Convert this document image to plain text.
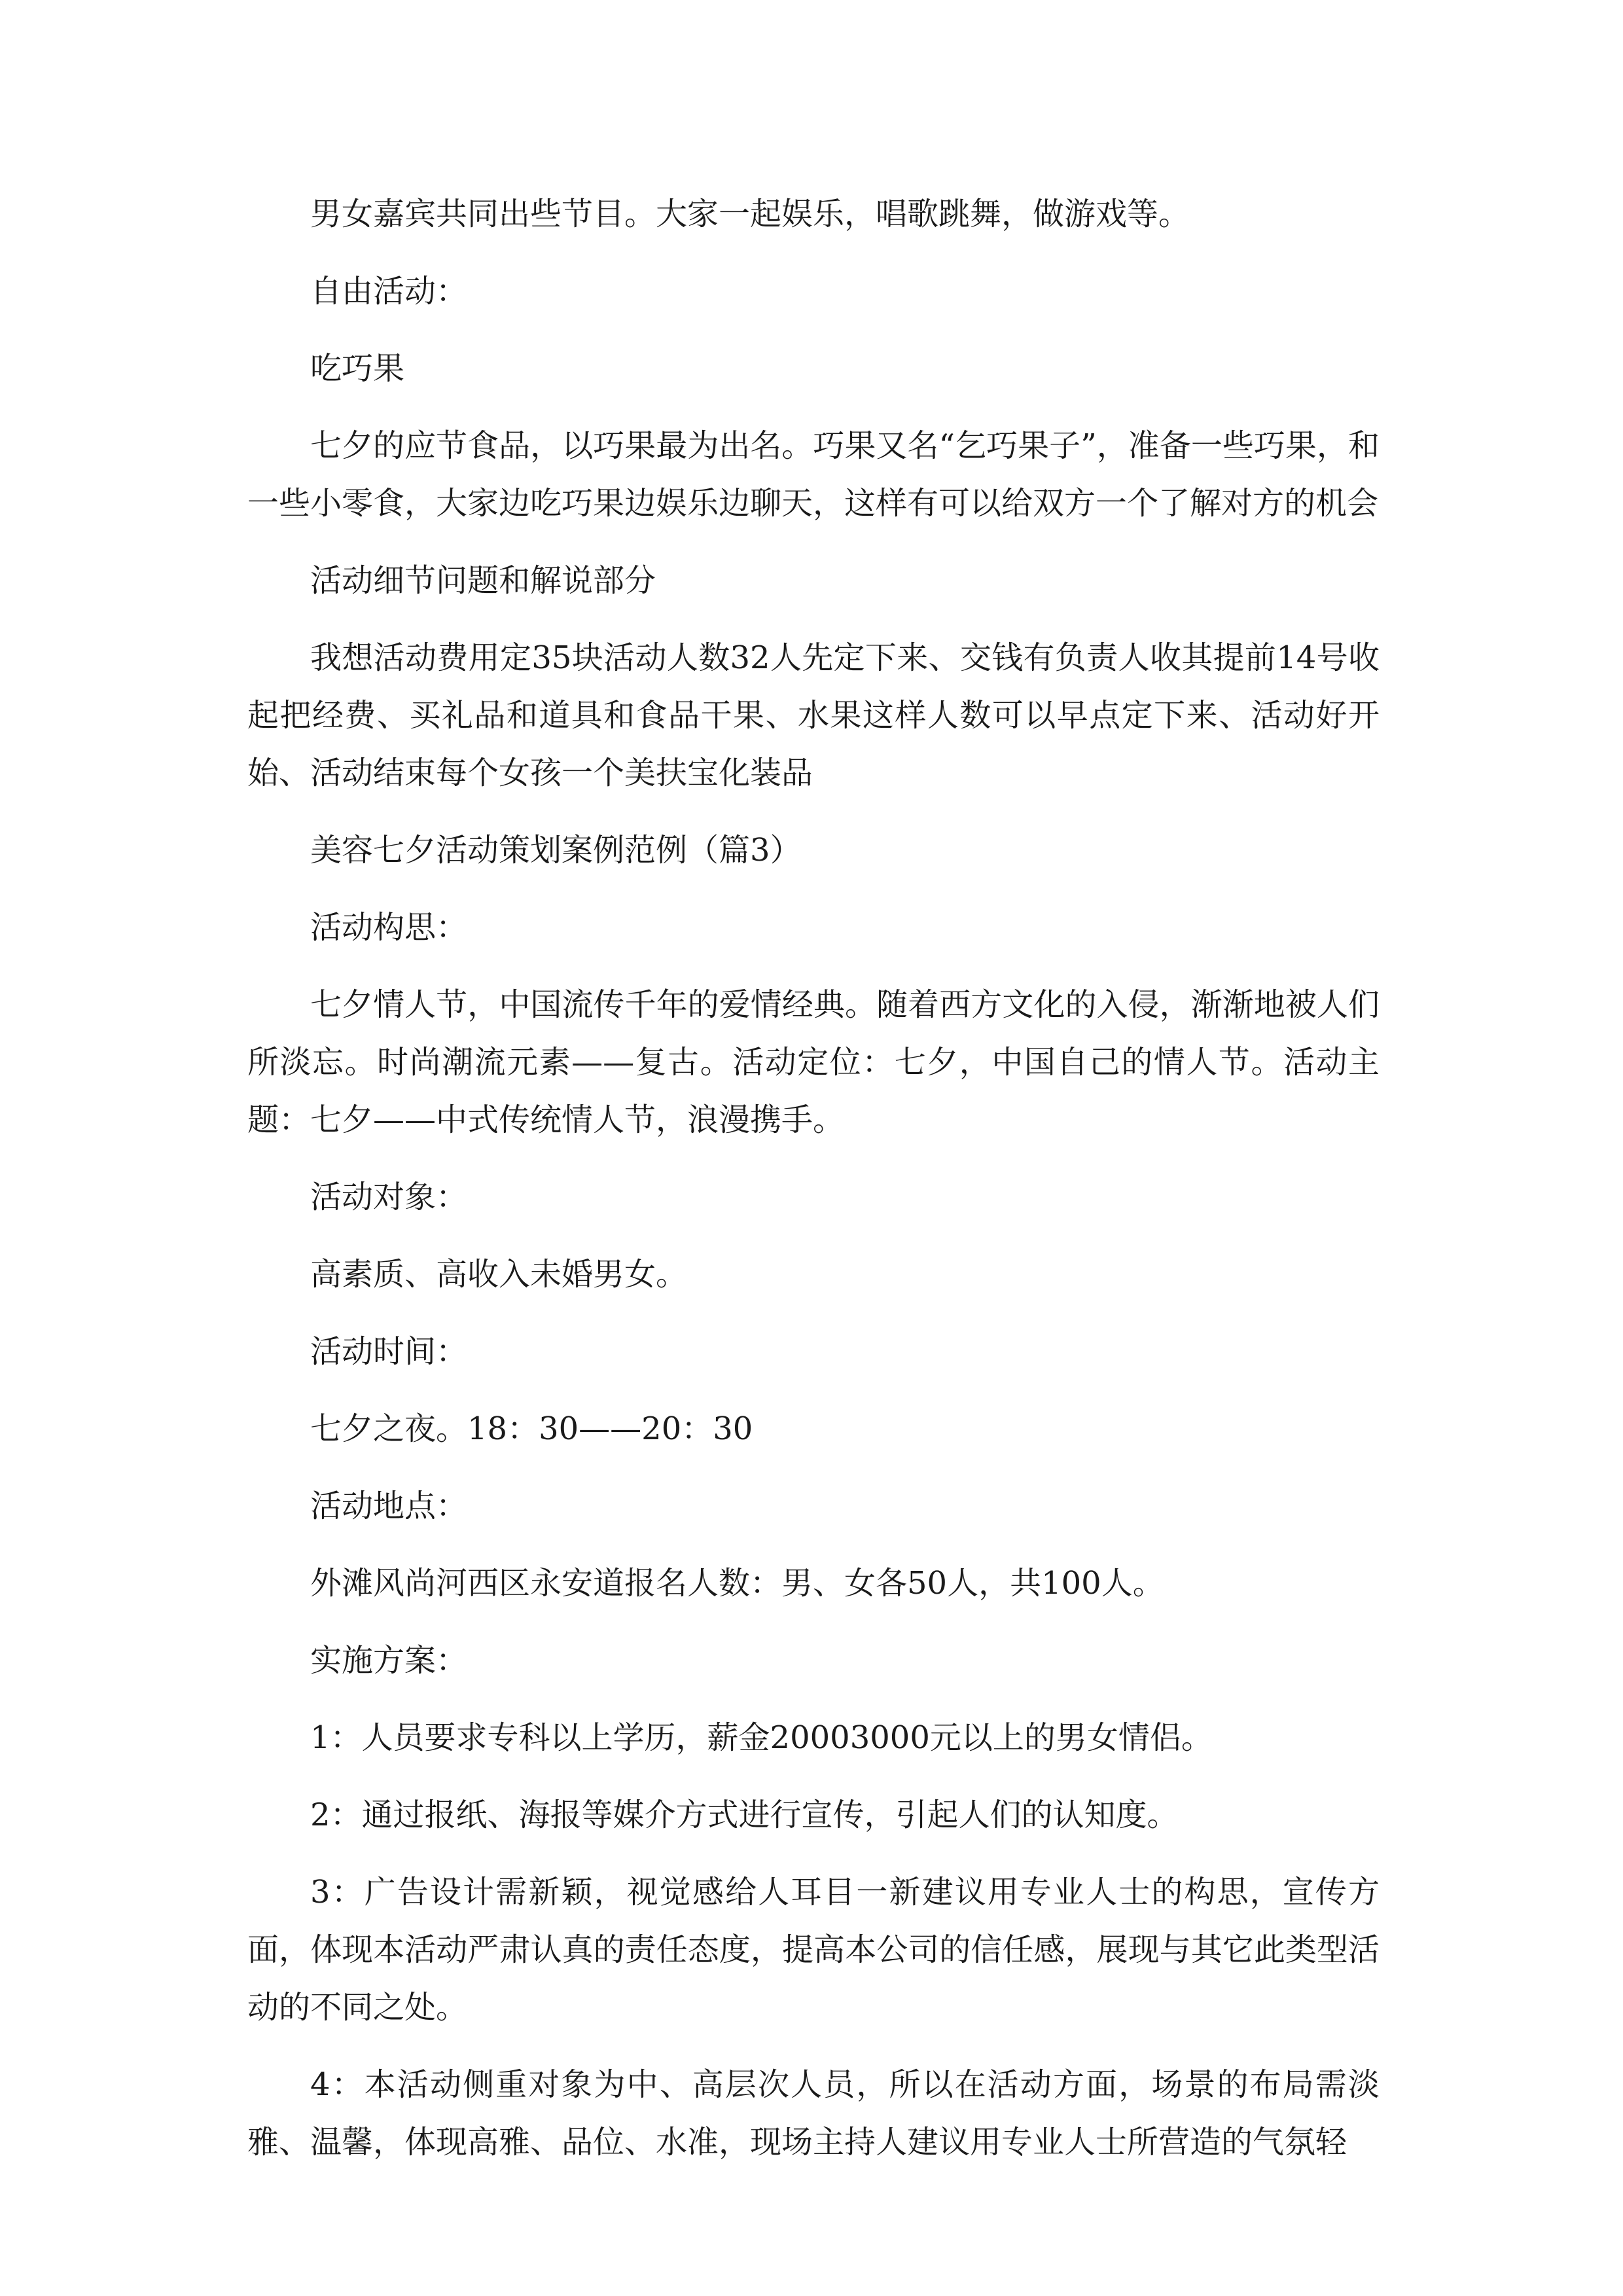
男女嘉宾共同出些节目。大家一起娱乐，唱歌跳舞，做游戏等。

自由活动：

吃巧果

七夕的应节食品，以巧果最为出名。巧果又名“乞巧果子”，准备一些巧果，和一些小零食，大家边吃巧果边娱乐边聊天，这样有可以给双方一个了解对方的机会

活动细节问题和解说部分

我想活动费用定35块活动人数32人先定下来、交钱有负责人收其提前14号收起把经费、买礼品和道具和食品干果、水果这样人数可以早点定下来、活动好开始、活动结束每个女孩一个美扶宝化装品

美容七夕活动策划案例范例（篇3）

活动构思：

七夕情人节，中国流传千年的爱情经典。随着西方文化的入侵，渐渐地被人们所淡忘。时尚潮流元素——复古。活动定位：七夕，中国自己的情人节。活动主题：七夕——中式传统情人节，浪漫携手。

活动对象：

高素质、高收入未婚男女。

活动时间：

七夕之夜。18：30——20：30

活动地点：

外滩风尚河西区永安道报名人数：男、女各50人，共100人。

实施方案：

1：人员要求专科以上学历，薪金20003000元以上的男女情侣。

2：通过报纸、海报等媒介方式进行宣传，引起人们的认知度。

3：广告设计需新颖，视觉感给人耳目一新建议用专业人士的构思，宣传方面，体现本活动严肃认真的责任态度，提高本公司的信任感，展现与其它此类型活动的不同之处。

4：本活动侧重对象为中、高层次人员，所以在活动方面，场景的布局需淡雅、温馨，体现高雅、品位、水准，现场主持人建议用专业人士所营造的气氛轻
